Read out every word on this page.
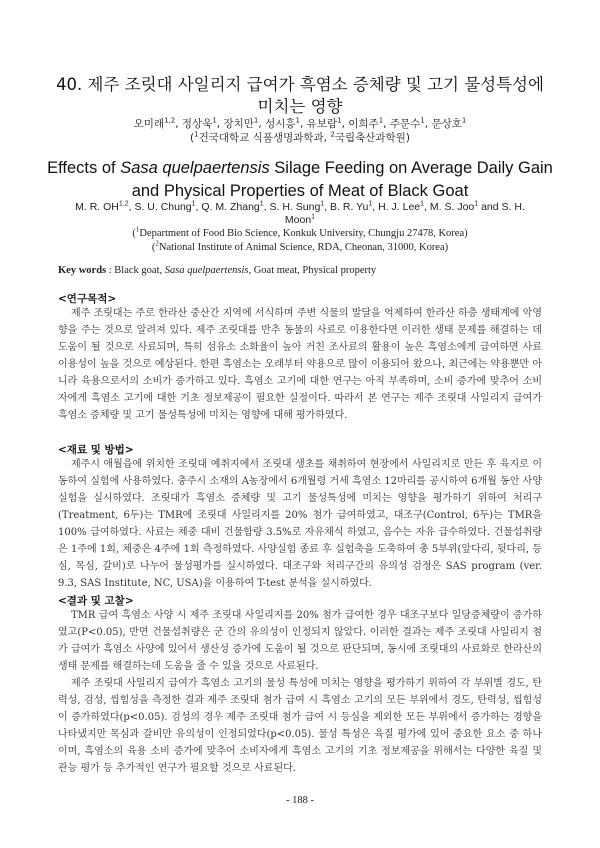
40. 제주 조릿대 사일리지 급여가 흑염소 증체량 및 고기 물성특성에
미치는 영향
오미래$^{1,2}$, 정상욱$^1$, 장치만$^1$, 성시흥$^1$, 유보람$^1$, 이희주$^1$, 주문수$^1$, 문상호$^1$
($^1$건국대학교 식품생명과학과, $^2$국립축산과학원)
Effects of Sasa quelpaertensis Silage Feeding on Average Daily Gain
and Physical Properties of Meat of Black Goat
M. R. OH$^{1,2}$, S. U. Chung$^1$, Q. M. Zhang$^1$, S. H. Sung$^1$, B. R. Yu$^1$, H. J. Lee$^1$, M. S. Joo$^1$ and S. H. Moon$^1$
($^1$Department of Food Bio Science, Konkuk University, Chungju 27478, Korea)
($^2$National Institute of Animal Science, RDA, Cheonan, 31000, Korea)
Key words : Black goat, Sasa quelpaertensis, Goat meat, Physical property
<연구목적>

제주 조릿대는 주로 한라산 중산간 지역에 서식하며 주변 식물의 발달을 억제하여 한라산 하층 생태계에 악영향을 주는 것으로 알려져 있다. 제주 조릿대를 반추 동물의 사료로 이용한다면 이러한 생태 문제를 해결하는 데 도움이 될 것으로 사료되며, 특히 섬유소 소화율이 높아 거친 조사료의 활용이 높은 흑염소에게 급여하면 사료 이용성이 높을 것으로 예상된다. 한편 흑염소는 오래부터 약용으로 많이 이용되어 왔으나, 최근에는 약용뿐만 아니라 육용으로서의 소비가 증가하고 있다. 흑염소 고기에 대한 연구는 아직 부족하며, 소비 증가에 맞추어 소비자에게 흑염소 고기에 대한 기초 정보제공이 필요한 실정이다. 따라서 본 연구는 제주 조릿대 사일리지 급여가 흑염소 증체량 및 고기 물성특성에 미치는 영향에 대해 평가하였다.

<재료 및 방법>

제주시 애월읍에 위치한 조릿대 예취지에서 조릿대 생초를 채취하여 현장에서 사일리지로 만든 후 육지로 이동하여 실험에 사용하였다. 충주시 소재의 A농장에서 6개월령 거세 흑염소 12마리를 공시하여 6개월 동안 사양실험을 실시하였다. 조릿대가 흑염소 증체량 및 고기 물성특성에 미치는 영향을 평가하기 위하여 처리구(Treatment, 6두)는 TMR에 조릿대 사일리지를 20% 첨가 급여하였고, 대조구(Control, 6두)는 TMR을 100% 급여하였다. 사료는 체중 대비 건물함량 3.5%로 자유채식 하였고, 음수는 자유 급수하였다. 건물섭취량은 1주에 1회, 체중은 4주에 1회 측정하였다. 사양실험 종료 후 실험축을 도축하여 총 5부위(앞다리, 뒷다리, 등심, 목심, 갈비)로 나누어 물성평가를 실시하였다. 대조구와 처리구간의 유의성 검정은 SAS program (ver. 9.3, SAS Institute, NC, USA)을 이용하여 T-test 분석을 실시하였다.

<결과 및 고찰>

TMR 급여 흑염소 사양 시 제주 조릿대 사일리지를 20% 첨가 급여한 경우 대조구보다 일당증체량이 증가하였고(P<0.05), 반면 건물섭취량은 군 간의 유의성이 인정되지 않았다. 이러한 결과는 제주 조릿대 사일리지 첨가 급여가 흑염소 사양에 있어서 생산성 증가에 도움이 될 것으로 판단되며, 동시에 조릿대의 사료화로 한라산의 생태 문제를 해결하는데 도움을 줄 수 있을 것으로 사료된다.

제주 조릿대 사일리지 급여가 흑염소 고기의 물성 특성에 미치는 영향을 평가하기 위하여 각 부위별 경도, 탄력성, 검성, 씹힘성을 측정한 결과 제주 조릿대 첨가 급여 시 흑염소 고기의 모든 부위에서 경도, 탄력성, 씹힘성이 증가하였다(p<0.05). 검성의 경우 제주 조릿대 첨가 급여 시 등심을 제외한 모든 부위에서 증가하는 경향을 나타냈지만 목심과 갈비만 유의성이 인정되었다(p<0.05). 물성 특성은 육질 평가에 있어 중요한 요소 중 하나이며, 흑염소의 육용 소비 증가에 맞추어 소비자에게 흑염소 고기의 기초 정보제공을 위해서는 다양한 육질 및 관능 평가 등 추가적인 연구가 필요할 것으로 사료된다.

- 188 -
